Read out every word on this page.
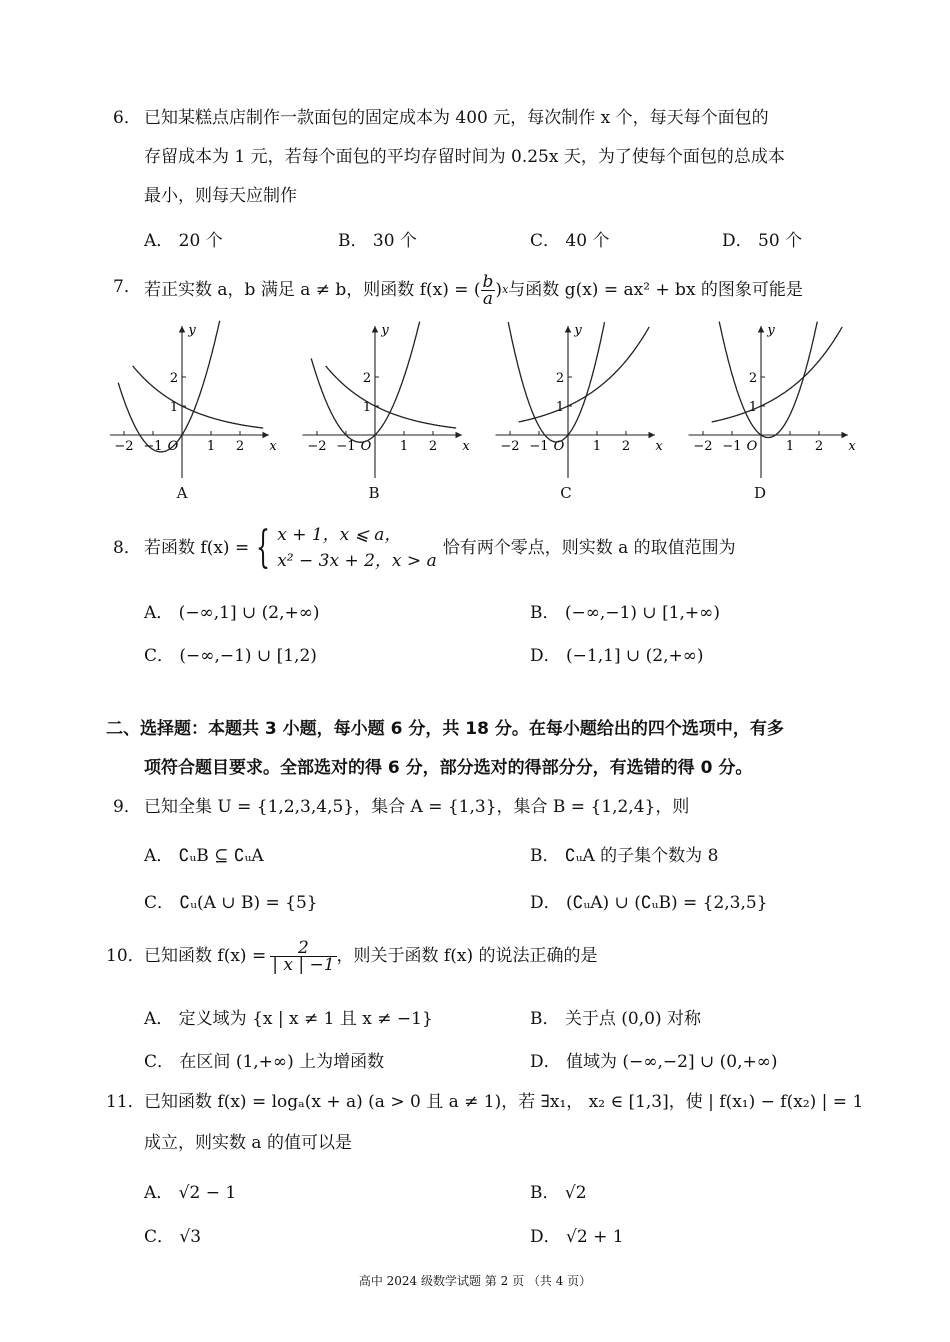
6． 已知某糕点店制作一款面包的固定成本为 400 元，每次制作 x 个，每天每个面包的
存留成本为 1 元，若每个面包的平均存留时间为 0.25x 天，为了使每个面包的总成本
最小，则每天应制作
A． 20 个	B． 30 个	C． 40 个	D． 50 个
7． 若正实数 a，b 满足 a ≠ b，则函数 f(x) = ( $\frac{b}{a}$ ) x 与函数 g(x) = ax² + bx 的图象可能是
−2 −1	1 2
1
2
x
y
O	−2 −1	1 2
1
2
x
y
O	−2 −1	1 2
1
2
x
y
O	−2 −1	1 2
1
2
x
y
O
A	B	C	D
8． 若函数 f(x) = { x + 1，x ⩽ a，
x² − 3x + 2，x > a
恰有两个零点，则实数 a 的取值范围为
A． (−∞,1] ∪ (2,+∞)	B． (−∞,−1) ∪ [1,+∞)
C． (−∞,−1) ∪ [1,2)	D． (−1,1] ∪ (2,+∞)
二、选择题：本题共 3 小题，每小题 6 分，共 18 分。在每小题给出的四个选项中，有多
项符合题目要求。全部选对的得 6 分，部分选对的得部分分，有选错的得 0 分。
9． 已知全集 U = {1,2,3,4,5}，集合 A = {1,3}，集合 B = {1,2,4}，则
A． ∁ᵤB ⊆ ∁ᵤA	B． ∁ᵤA 的子集个数为 8
C． ∁ᵤ(A ∪ B) = {5}	D． (∁ᵤA) ∪ (∁ᵤB) = {2,3,5}
10． 已知函数 $f(x) = \frac{2}{| x | -1}$ ，则关于函数 f(x) 的说法正确的是
A． 定义域为 {x | x ≠ 1 且 x ≠ −1}	B． 关于点 (0,0) 对称
C． 在区间 (1,+∞) 上为增函数	D． 值域为 (−∞,−2] ∪ (0,+∞)
11． 已知函数 f(x) = logₐ(x + a) (a > 0 且 a ≠ 1)，若 ∃x₁， x₂ ∈ [1,3]，使 | f(x₁) − f(x₂) | = 1
成立，则实数 a 的值可以是
A． √2 − 1	B． √2
C． √3	D． √2 + 1
高中 2024 级数学试题 第 2 页 （共 4 页）
